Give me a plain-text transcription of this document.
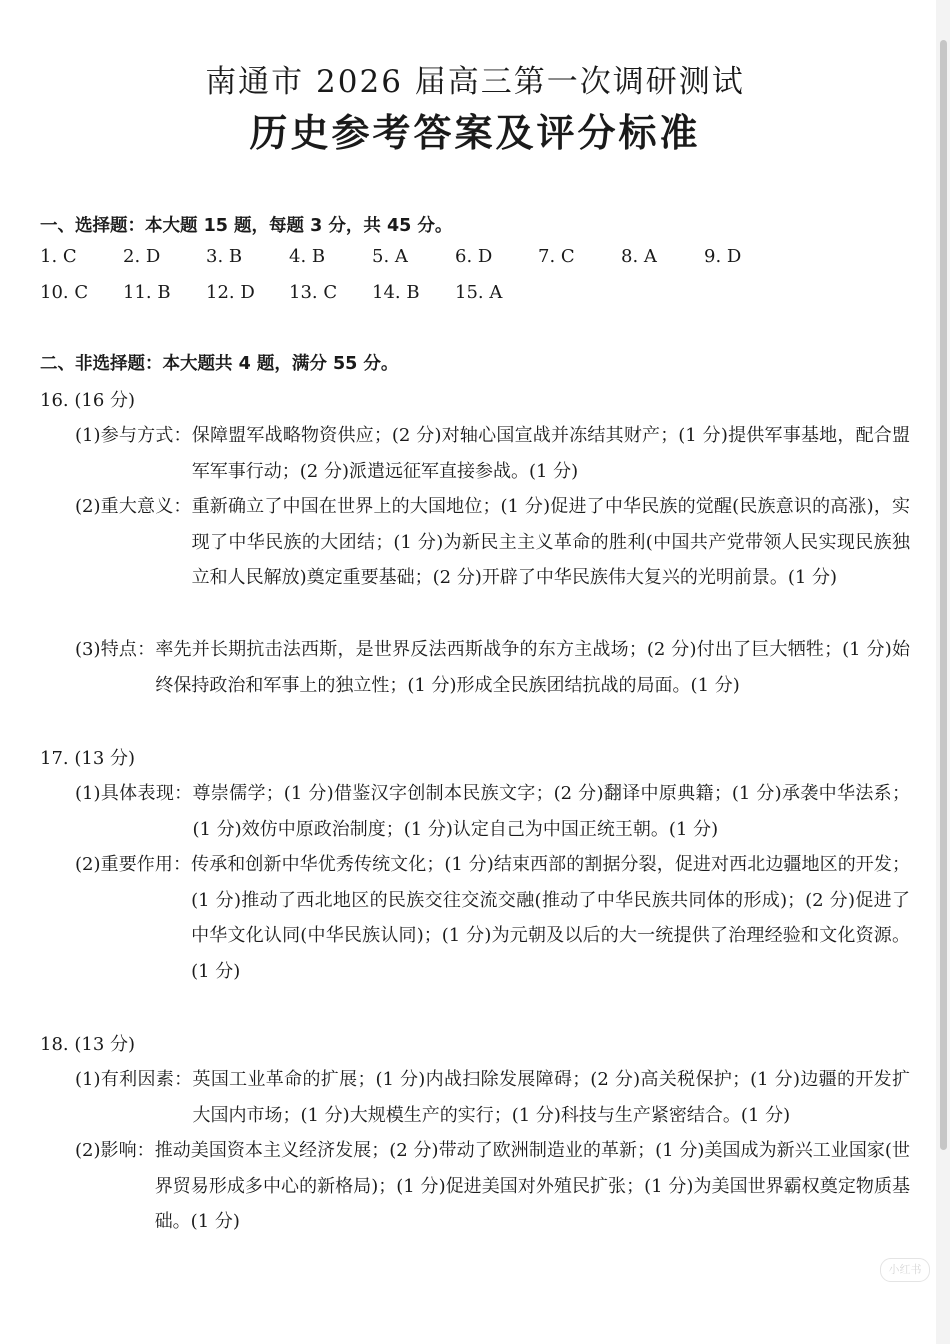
南通市 2026 届高三第一次调研测试
历史参考答案及评分标准
一、选择题：本大题 15 题，每题 3 分，共 45 分。
1. C	2. D	3. B	4. B	5. A	6. D	7. C	8. A	9. D
10. C 11. B 12. D 13. C 14. B 15. A
二、非选择题：本大题共 4 题，满分 55 分。
16. (16 分)
(1)参与方式：保障盟军战略物资供应；(2 分)对轴心国宣战并冻结其财产；(1 分)提供军事基地，配合盟军军事行动；(2 分)派遣远征军直接参战。(1 分)
(2)重大意义：重新确立了中国在世界上的大国地位；(1 分)促进了中华民族的觉醒(民族意识的高涨)，实现了中华民族的大团结；(1 分)为新民主主义革命的胜利(中国共产党带领人民实现民族独立和人民解放)奠定重要基础；(2 分)开辟了中华民族伟大复兴的光明前景。(1 分)
(3)特点：率先并长期抗击法西斯，是世界反法西斯战争的东方主战场；(2 分)付出了巨大牺牲；(1 分)始终保持政治和军事上的独立性；(1 分)形成全民族团结抗战的局面。(1 分)
17. (13 分)
(1)具体表现：尊崇儒学；(1 分)借鉴汉字创制本民族文字；(2 分)翻译中原典籍；(1 分)承袭中华法系；(1 分)效仿中原政治制度；(1 分)认定自己为中国正统王朝。(1 分)
(2)重要作用：传承和创新中华优秀传统文化；(1 分)结束西部的割据分裂，促进对西北边疆地区的开发；(1 分)推动了西北地区的民族交往交流交融(推动了中华民族共同体的形成)；(2 分)促进了中华文化认同(中华民族认同)；(1 分)为元朝及以后的大一统提供了治理经验和文化资源。(1 分)
18. (13 分)
(1)有利因素：英国工业革命的扩展；(1 分)内战扫除发展障碍；(2 分)高关税保护；(1 分)边疆的开发扩大国内市场；(1 分)大规模生产的实行；(1 分)科技与生产紧密结合。(1 分)
(2)影响：推动美国资本主义经济发展；(2 分)带动了欧洲制造业的革新；(1 分)美国成为新兴工业国家(世界贸易形成多中心的新格局)；(1 分)促进美国对外殖民扩张；(1 分)为美国世界霸权奠定物质基础。(1 分)
小红书
